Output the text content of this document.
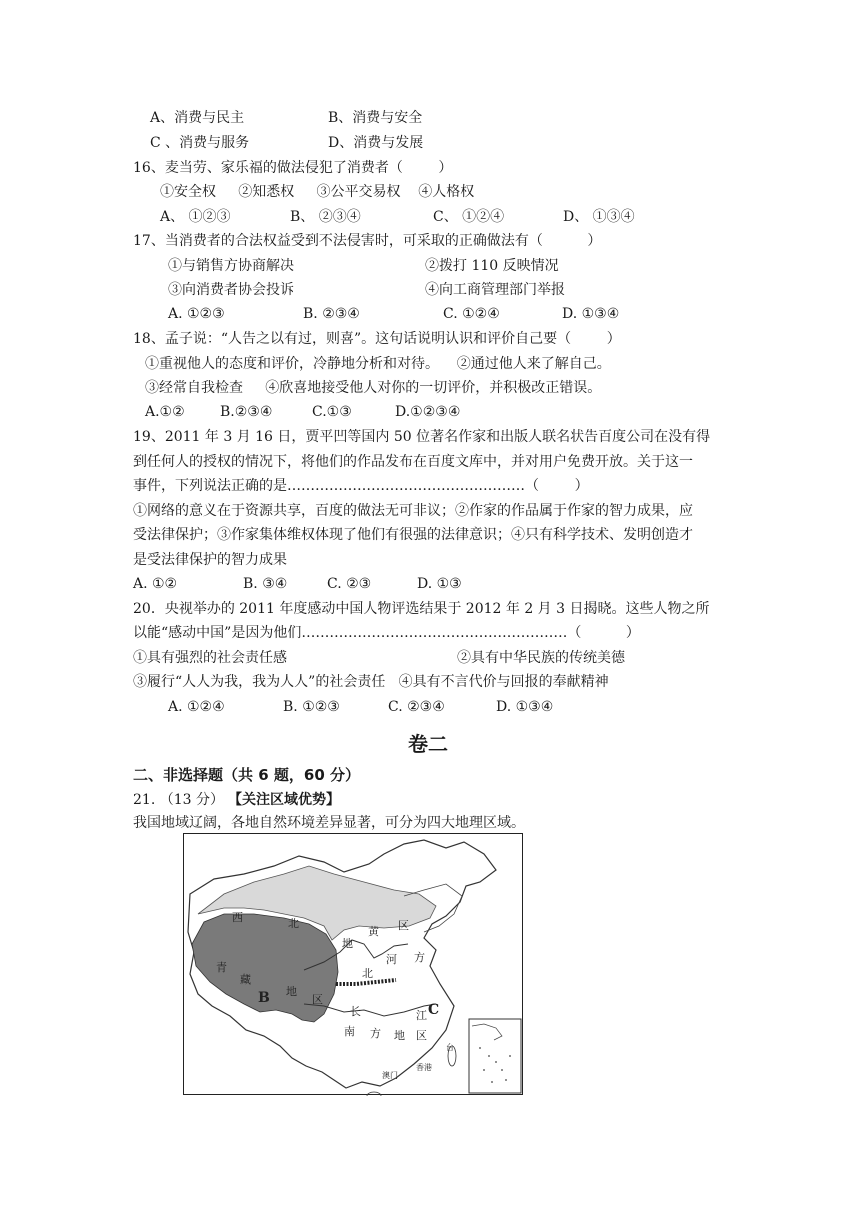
A、消费与民主	B、消费与安全
C 、消费与服务	D、消费与发展
16、麦当劳、家乐福的做法侵犯了消费者（        ）
①安全权     ②知悉权     ③公平交易权    ④人格权
A、 ①②③	B、 ②③④	C、 ①②④	D、 ①③④
17、当消费者的合法权益受到不法侵害时，可采取的正确做法有（          ）
①与销售方协商解决	②拨打 110 反映情况
③向消费者协会投诉	④向工商管理部门举报
A. ①②③	B. ②③④	C. ①②④	D. ①③④
18、孟子说：“人告之以有过，则喜”。这句话说明认识和评价自己要（        ）
①重视他人的态度和评价，冷静地分析和对待。    ②通过他人来了解自己。
③经常自我检查     ④欣喜地接受他人对你的一切评价，并积极改正错误。
A.①②	B.②③④	C.①③	D.①②③④
19、2011 年 3 月 16 日，贾平凹等国内 50 位著名作家和出版人联名状告百度公司在没有得
到任何人的授权的情况下，将他们的作品发布在百度文库中，并对用户免费开放。关于这一
事件，下列说法正确的是……………………………………………（        ）
①网络的意义在于资源共享，百度的做法无可非议；②作家的作品属于作家的智力成果，应
受法律保护；③作家集体维权体现了他们有很强的法律意识；④只有科学技术、发明创造才
是受法律保护的智力成果
A. ①②	B. ③④	C. ②③	D. ①③
20．央视举办的 2011 年度感动中国人物评选结果于 2012 年 2 月 3 日揭晓。这些人物之所
以能“感动中国”是因为他们…………………………………………………（          ）
①具有强烈的社会责任感	②具有中华民族的传统美德
③履行“人人为我，我为人人”的社会责任   ④具有不言代价与回报的奉献精神
A. ①②④	B. ①②③	C. ②③④	D. ①③④
卷二
二、非选择题（共 6 题，60 分）
21. （13 分） 【关注区域优势】
我国地域辽阔，各地自然环境差异显著，可分为四大地理区域。
西	北
地
区
黄
青
藏
地
区
B
北
方
河
长	江 C
南 方 地 区
台
香港
澳门
